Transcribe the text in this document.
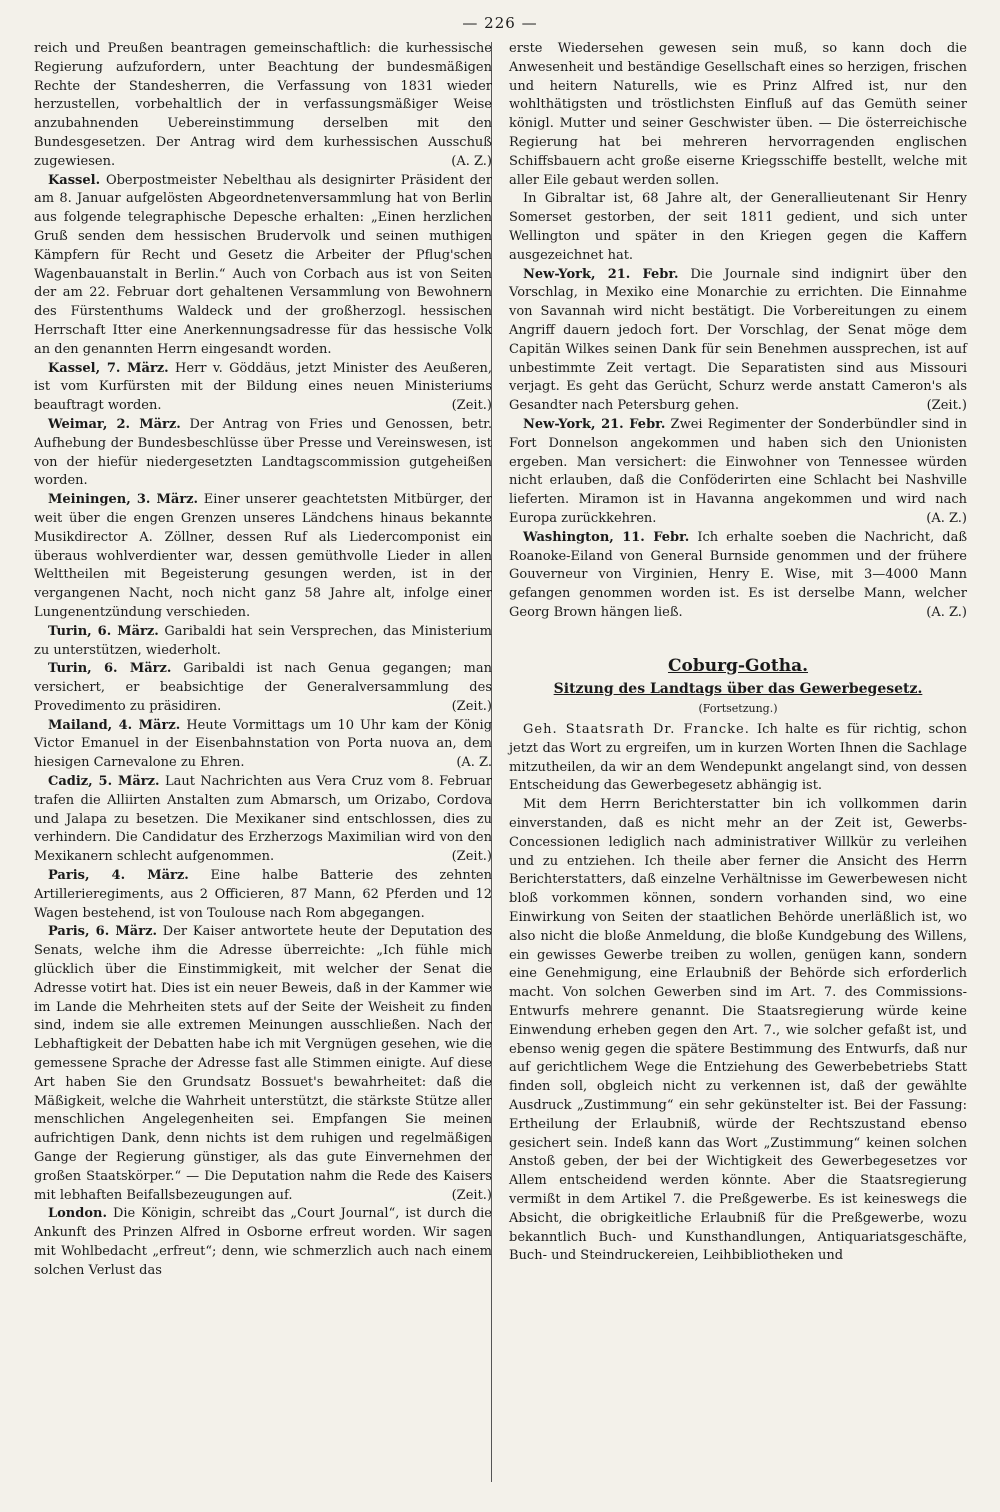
— 226 —

reich und Preußen beantragen gemeinschaftlich: die kurhessische Regierung aufzufordern, unter Beachtung der bundesmäßigen Rechte der Standesherren, die Verfassung von 1831 wieder herzustellen, vorbehaltlich der in verfassungsmäßiger Weise anzubahnenden Uebereinstimmung derselben mit den Bundesgesetzen. Der Antrag wird dem kurhessischen Ausschuß zugewiesen.	(A. Z.)

Kassel. Oberpostmeister Nebelthau als designirter Präsident der am 8. Januar aufgelösten Abgeordnetenversammlung hat von Berlin aus folgende telegraphische Depesche erhalten: „Einen herzlichen Gruß senden dem hessischen Brudervolk und seinen muthigen Kämpfern für Recht und Gesetz die Arbeiter der Pflug'schen Wagenbauanstalt in Berlin.“ Auch von Corbach aus ist von Seiten der am 22. Februar dort gehaltenen Versammlung von Bewohnern des Fürstenthums Waldeck und der großherzogl. hessischen Herrschaft Itter eine Anerkennungsadresse für das hessische Volk an den genannten Herrn eingesandt worden.

Kassel, 7. März. Herr v. Göddäus, jetzt Minister des Aeußeren, ist vom Kurfürsten mit der Bildung eines neuen Ministeriums beauftragt worden.	(Zeit.)

Weimar, 2. März. Der Antrag von Fries und Genossen, betr. Aufhebung der Bundesbeschlüsse über Presse und Vereinswesen, ist von der hiefür niedergesetzten Landtagscommission gutgeheißen worden.

Meiningen, 3. März. Einer unserer geachtetsten Mitbürger, der weit über die engen Grenzen unseres Ländchens hinaus bekannte Musikdirector A. Zöllner, dessen Ruf als Liedercomponist ein überaus wohlverdienter war, dessen gemüthvolle Lieder in allen Welttheilen mit Begeisterung gesungen werden, ist in der vergangenen Nacht, noch nicht ganz 58 Jahre alt, infolge einer Lungenentzündung verschieden.

Turin, 6. März. Garibaldi hat sein Versprechen, das Ministerium zu unterstützen, wiederholt.

Turin, 6. März. Garibaldi ist nach Genua gegangen; man versichert, er beabsichtige der Generalversammlung des Provedimento zu präsidiren.	(Zeit.)

Mailand, 4. März. Heute Vormittags um 10 Uhr kam der König Victor Emanuel in der Eisenbahnstation von Porta nuova an, dem hiesigen Carnevalone zu Ehren.	(A. Z.

Cadiz, 5. März. Laut Nachrichten aus Vera Cruz vom 8. Februar trafen die Alliirten Anstalten zum Abmarsch, um Orizabo, Cordova und Jalapa zu besetzen. Die Mexikaner sind entschlossen, dies zu verhindern. Die Candidatur des Erzherzogs Maximilian wird von den Mexikanern schlecht aufgenommen.	(Zeit.)

Paris, 4. März. Eine halbe Batterie des zehnten Artillerieregiments, aus 2 Officieren, 87 Mann, 62 Pferden und 12 Wagen bestehend, ist von Toulouse nach Rom abgegangen.

Paris, 6. März. Der Kaiser antwortete heute der Deputation des Senats, welche ihm die Adresse überreichte: „Ich fühle mich glücklich über die Einstimmigkeit, mit welcher der Senat die Adresse votirt hat. Dies ist ein neuer Beweis, daß in der Kammer wie im Lande die Mehrheiten stets auf der Seite der Weisheit zu finden sind, indem sie alle extremen Meinungen ausschließen. Nach der Lebhaftigkeit der Debatten habe ich mit Vergnügen gesehen, wie die gemessene Sprache der Adresse fast alle Stimmen einigte. Auf diese Art haben Sie den Grundsatz Bossuet's bewahrheitet: daß die Mäßigkeit, welche die Wahrheit unterstützt, die stärkste Stütze aller menschlichen Angelegenheiten sei. Empfangen Sie meinen aufrichtigen Dank, denn nichts ist dem ruhigen und regelmäßigen Gange der Regierung günstiger, als das gute Einvernehmen der großen Staatskörper.“ — Die Deputation nahm die Rede des Kaisers mit lebhaften Beifallsbezeugungen auf.	(Zeit.)

London. Die Königin, schreibt das „Court Journal“, ist durch die Ankunft des Prinzen Alfred in Osborne erfreut worden. Wir sagen mit Wohlbedacht „erfreut“; denn, wie schmerzlich auch nach einem solchen Verlust das

erste Wiedersehen gewesen sein muß, so kann doch die Anwesenheit und beständige Gesellschaft eines so herzigen, frischen und heitern Naturells, wie es Prinz Alfred ist, nur den wohlthätigsten und tröstlichsten Einfluß auf das Gemüth seiner königl. Mutter und seiner Geschwister üben. — Die österreichische Regierung hat bei mehreren hervorragenden englischen Schiffsbauern acht große eiserne Kriegsschiffe bestellt, welche mit aller Eile gebaut werden sollen.

In Gibraltar ist, 68 Jahre alt, der Generallieutenant Sir Henry Somerset gestorben, der seit 1811 gedient, und sich unter Wellington und später in den Kriegen gegen die Kaffern ausgezeichnet hat.

New-York, 21. Febr. Die Journale sind indignirt über den Vorschlag, in Mexiko eine Monarchie zu errichten. Die Einnahme von Savannah wird nicht bestätigt. Die Vorbereitungen zu einem Angriff dauern jedoch fort. Der Vorschlag, der Senat möge dem Capitän Wilkes seinen Dank für sein Benehmen aussprechen, ist auf unbestimmte Zeit vertagt. Die Separatisten sind aus Missouri verjagt. Es geht das Gerücht, Schurz werde anstatt Cameron's als Gesandter nach Petersburg gehen.	(Zeit.)

New-York, 21. Febr. Zwei Regimenter der Sonderbündler sind in Fort Donnelson angekommen und haben sich den Unionisten ergeben. Man versichert: die Einwohner von Tennessee würden nicht erlauben, daß die Conföderirten eine Schlacht bei Nashville lieferten. Miramon ist in Havanna angekommen und wird nach Europa zurückkehren.	(A. Z.)

Washington, 11. Febr. Ich erhalte soeben die Nachricht, daß Roanoke-Eiland von General Burnside genommen und der frühere Gouverneur von Virginien, Henry E. Wise, mit 3—4000 Mann gefangen genommen worden ist. Es ist derselbe Mann, welcher Georg Brown hängen ließ.	(A. Z.)

Coburg-Gotha.
Sitzung des Landtags über das Gewerbegesetz.
(Fortsetzung.)

Geh. Staatsrath Dr. Francke. Ich halte es für richtig, schon jetzt das Wort zu ergreifen, um in kurzen Worten Ihnen die Sachlage mitzutheilen, da wir an dem Wendepunkt angelangt sind, von dessen Entscheidung das Gewerbegesetz abhängig ist.

Mit dem Herrn Berichterstatter bin ich vollkommen darin einverstanden, daß es nicht mehr an der Zeit ist, Gewerbs-Concessionen lediglich nach administrativer Willkür zu verleihen und zu entziehen. Ich theile aber ferner die Ansicht des Herrn Berichterstatters, daß einzelne Verhältnisse im Gewerbewesen nicht bloß vorkommen können, sondern vorhanden sind, wo eine Einwirkung von Seiten der staatlichen Behörde unerläßlich ist, wo also nicht die bloße Anmeldung, die bloße Kundgebung des Willens, ein gewisses Gewerbe treiben zu wollen, genügen kann, sondern eine Genehmigung, eine Erlaubniß der Behörde sich erforderlich macht. Von solchen Gewerben sind im Art. 7. des Commissions-Entwurfs mehrere genannt. Die Staatsregierung würde keine Einwendung erheben gegen den Art. 7., wie solcher gefaßt ist, und ebenso wenig gegen die spätere Bestimmung des Entwurfs, daß nur auf gerichtlichem Wege die Entziehung des Gewerbebetriebs Statt finden soll, obgleich nicht zu verkennen ist, daß der gewählte Ausdruck „Zustimmung“ ein sehr gekünstelter ist. Bei der Fassung: Ertheilung der Erlaubniß, würde der Rechtszustand ebenso gesichert sein. Indeß kann das Wort „Zustimmung“ keinen solchen Anstoß geben, der bei der Wichtigkeit des Gewerbegesetzes vor Allem entscheidend werden könnte. Aber die Staatsregierung vermißt in dem Artikel 7. die Preßgewerbe. Es ist keineswegs die Absicht, die obrigkeitliche Erlaubniß für die Preßgewerbe, wozu bekanntlich Buch- und Kunsthandlungen, Antiquariatsgeschäfte, Buch- und Steindruckereien, Leihbibliotheken und
